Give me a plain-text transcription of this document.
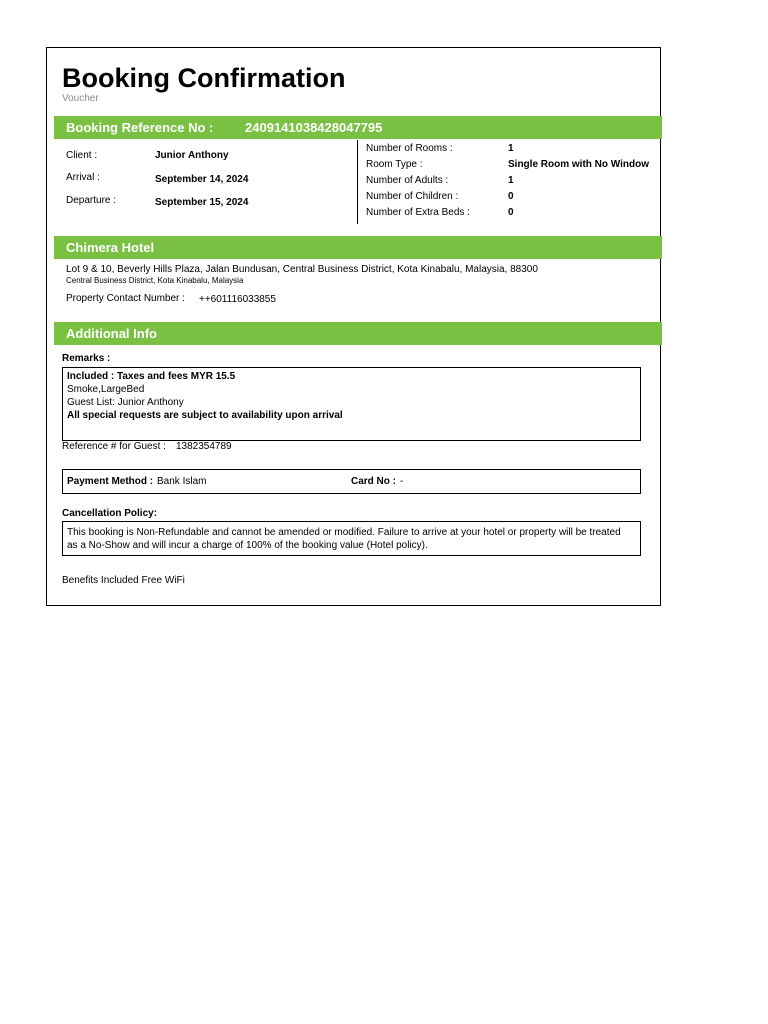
Booking Confirmation
Voucher
Booking Reference No : 2409141038428047795
Client :	Junior Anthony
Arrival :	September 14, 2024
Departure :	September 15, 2024
Number of Rooms :	1
Room Type :	Single Room with No Window
Number of Adults :	1
Number of Children :	0
Number of Extra Beds :	0
Chimera Hotel
Lot 9 & 10, Beverly Hills Plaza, Jalan Bundusan, Central Business District, Kota Kinabalu, Malaysia, 88300
Central Business District, Kota Kinabalu, Malaysia
Property Contact Number : ++601116033855
Additional Info
Remarks :
Included : Taxes and fees MYR 15.5
Smoke,LargeBed
Guest List: Junior Anthony
All special requests are subject to availability upon arrival
Reference # for Guest : 1382354789
Payment Method : Bank Islam	Card No : -
Cancellation Policy:
This booking is Non-Refundable and cannot be amended or modified. Failure to arrive at your hotel or property will be treated as a No-Show and will incur a charge of 100% of the booking value (Hotel policy).
Benefits Included Free WiFi
